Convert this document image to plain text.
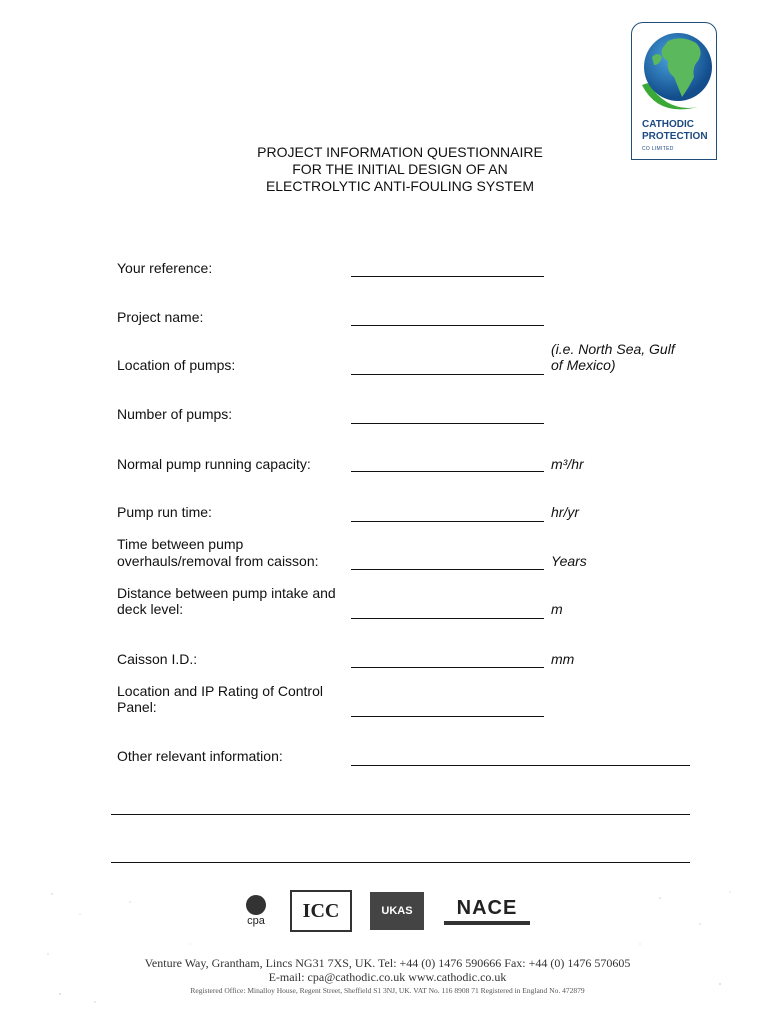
CATHODIC
PROTECTION
CO LIMITED
PROJECT INFORMATION QUESTIONNAIRE
FOR THE INITIAL DESIGN OF AN
ELECTROLYTIC ANTI-FOULING SYSTEM
Your reference:
Project name:
Location of pumps:
(i.e. North Sea, Gulf
of Mexico)
Number of pumps:
Normal pump running capacity:	m³/hr
Pump run time:	hr/yr
Time between pump
overhauls/removal from caisson:	Years
Distance between pump intake and
deck level:	m
Caisson I.D.:	mm
Location and IP Rating of Control
Panel:
Other relevant information:
cpa ICC	UKAS NACE
Venture Way, Grantham, Lincs NG31 7XS, UK. Tel: +44 (0) 1476 590666 Fax: +44 (0) 1476 570605
E-mail: cpa@cathodic.co.uk www.cathodic.co.uk
Registered Office: Minalloy House, Regent Street, Sheffield S1 3NJ, UK. VAT No. 116 8908 71 Registered in England No. 472879
